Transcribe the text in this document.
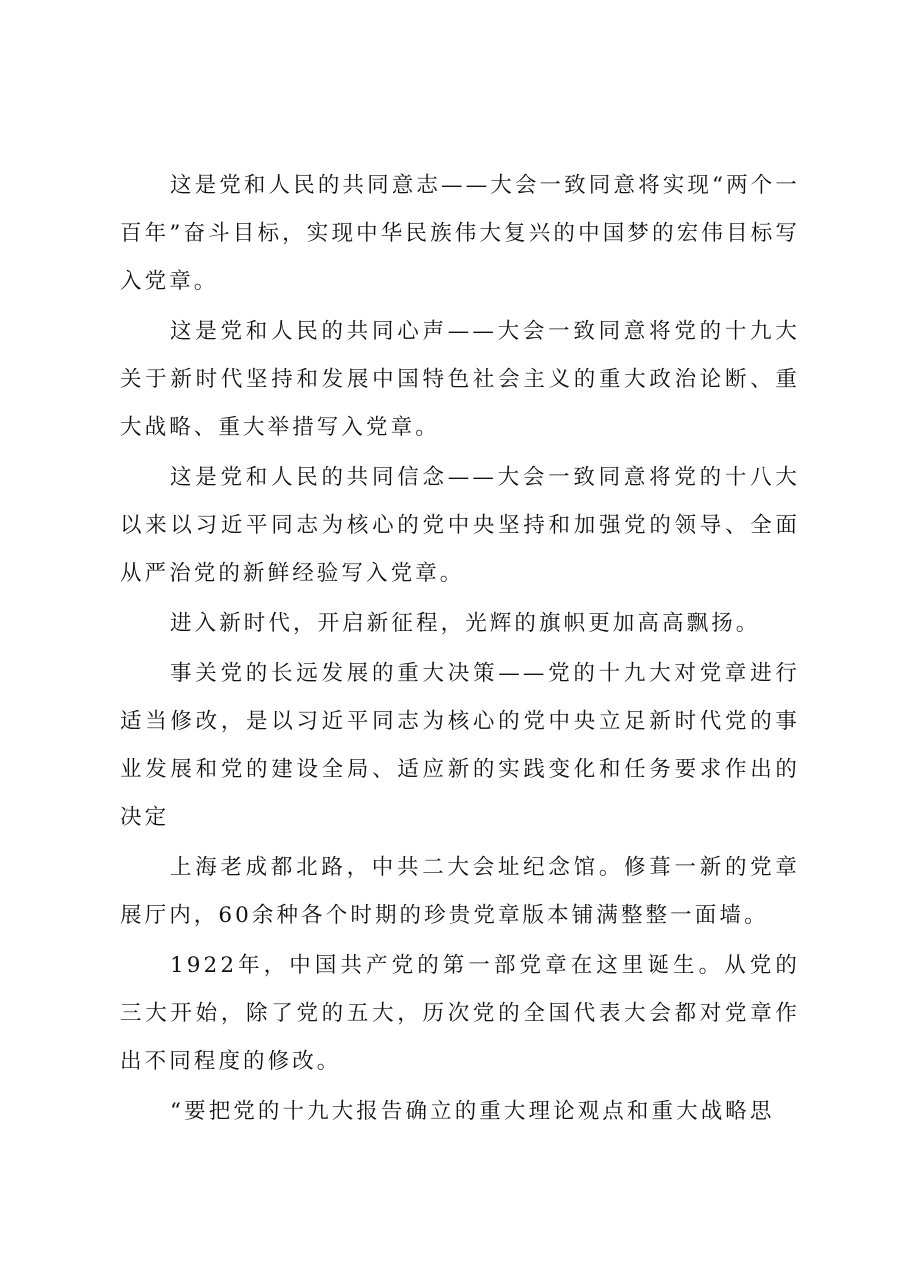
这是党和人民的共同意志——大会一致同意将实现“两个一百年”奋斗目标，实现中华民族伟大复兴的中国梦的宏伟目标写入党章。

这是党和人民的共同心声——大会一致同意将党的十九大关于新时代坚持和发展中国特色社会主义的重大政治论断、重大战略、重大举措写入党章。

这是党和人民的共同信念——大会一致同意将党的十八大以来以习近平同志为核心的党中央坚持和加强党的领导、全面从严治党的新鲜经验写入党章。

进入新时代，开启新征程，光辉的旗帜更加高高飘扬。

事关党的长远发展的重大决策——党的十九大对党章进行适当修改，是以习近平同志为核心的党中央立足新时代党的事业发展和党的建设全局、适应新的实践变化和任务要求作出的决定

上海老成都北路，中共二大会址纪念馆。修葺一新的党章展厅内，60余种各个时期的珍贵党章版本铺满整整一面墙。

1922年，中国共产党的第一部党章在这里诞生。从党的三大开始，除了党的五大，历次党的全国代表大会都对党章作出不同程度的修改。

“要把党的十九大报告确立的重大理论观点和重大战略思
